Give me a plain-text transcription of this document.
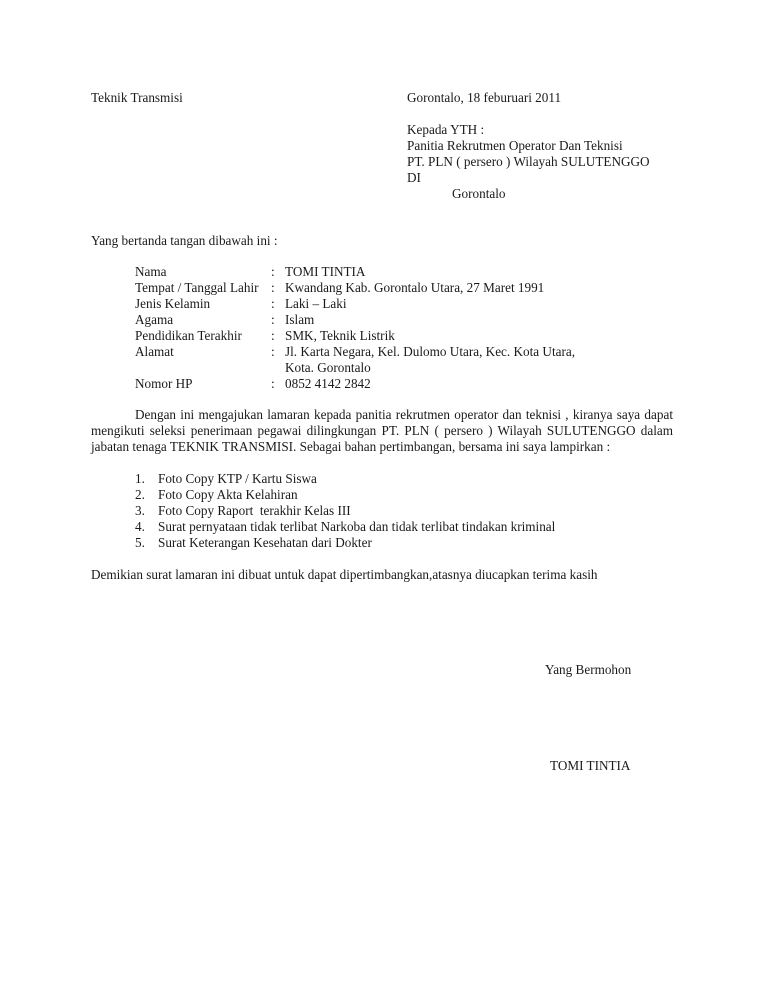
Teknik Transmisi	Gorontalo, 18 feburuari 2011
Kepada YTH :
Panitia Rekrutmen Operator Dan Teknisi
PT. PLN ( persero ) Wilayah SULUTENGGO
DI
Gorontalo
Yang bertanda tangan dibawah ini :
Nama	: TOMI TINTIA
Tempat / Tanggal Lahir : Kwandang Kab. Gorontalo Utara, 27 Maret 1991
Jenis Kelamin	: Laki – Laki
Agama	: Islam
Pendidikan Terakhir	: SMK, Teknik Listrik
Alamat	: Jl. Karta Negara, Kel. Dulomo Utara, Kec. Kota Utara,
Kota. Gorontalo
Nomor HP	: 0852 4142 2842
Dengan ini mengajukan lamaran kepada panitia rekrutmen operator dan teknisi , kiranya saya dapat mengikuti seleksi penerimaan pegawai dilingkungan PT. PLN ( persero ) Wilayah SULUTENGGO dalam jabatan tenaga TEKNIK TRANSMISI. Sebagai bahan pertimbangan, bersama ini saya lampirkan :
1. Foto Copy KTP / Kartu Siswa
2. Foto Copy Akta Kelahiran
3. Foto Copy Raport  terakhir Kelas III
4. Surat pernyataan tidak terlibat Narkoba dan tidak terlibat tindakan kriminal
5. Surat Keterangan Kesehatan dari Dokter
Demikian surat lamaran ini dibuat untuk dapat dipertimbangkan,atasnya diucapkan terima kasih
Yang Bermohon
TOMI TINTIA
